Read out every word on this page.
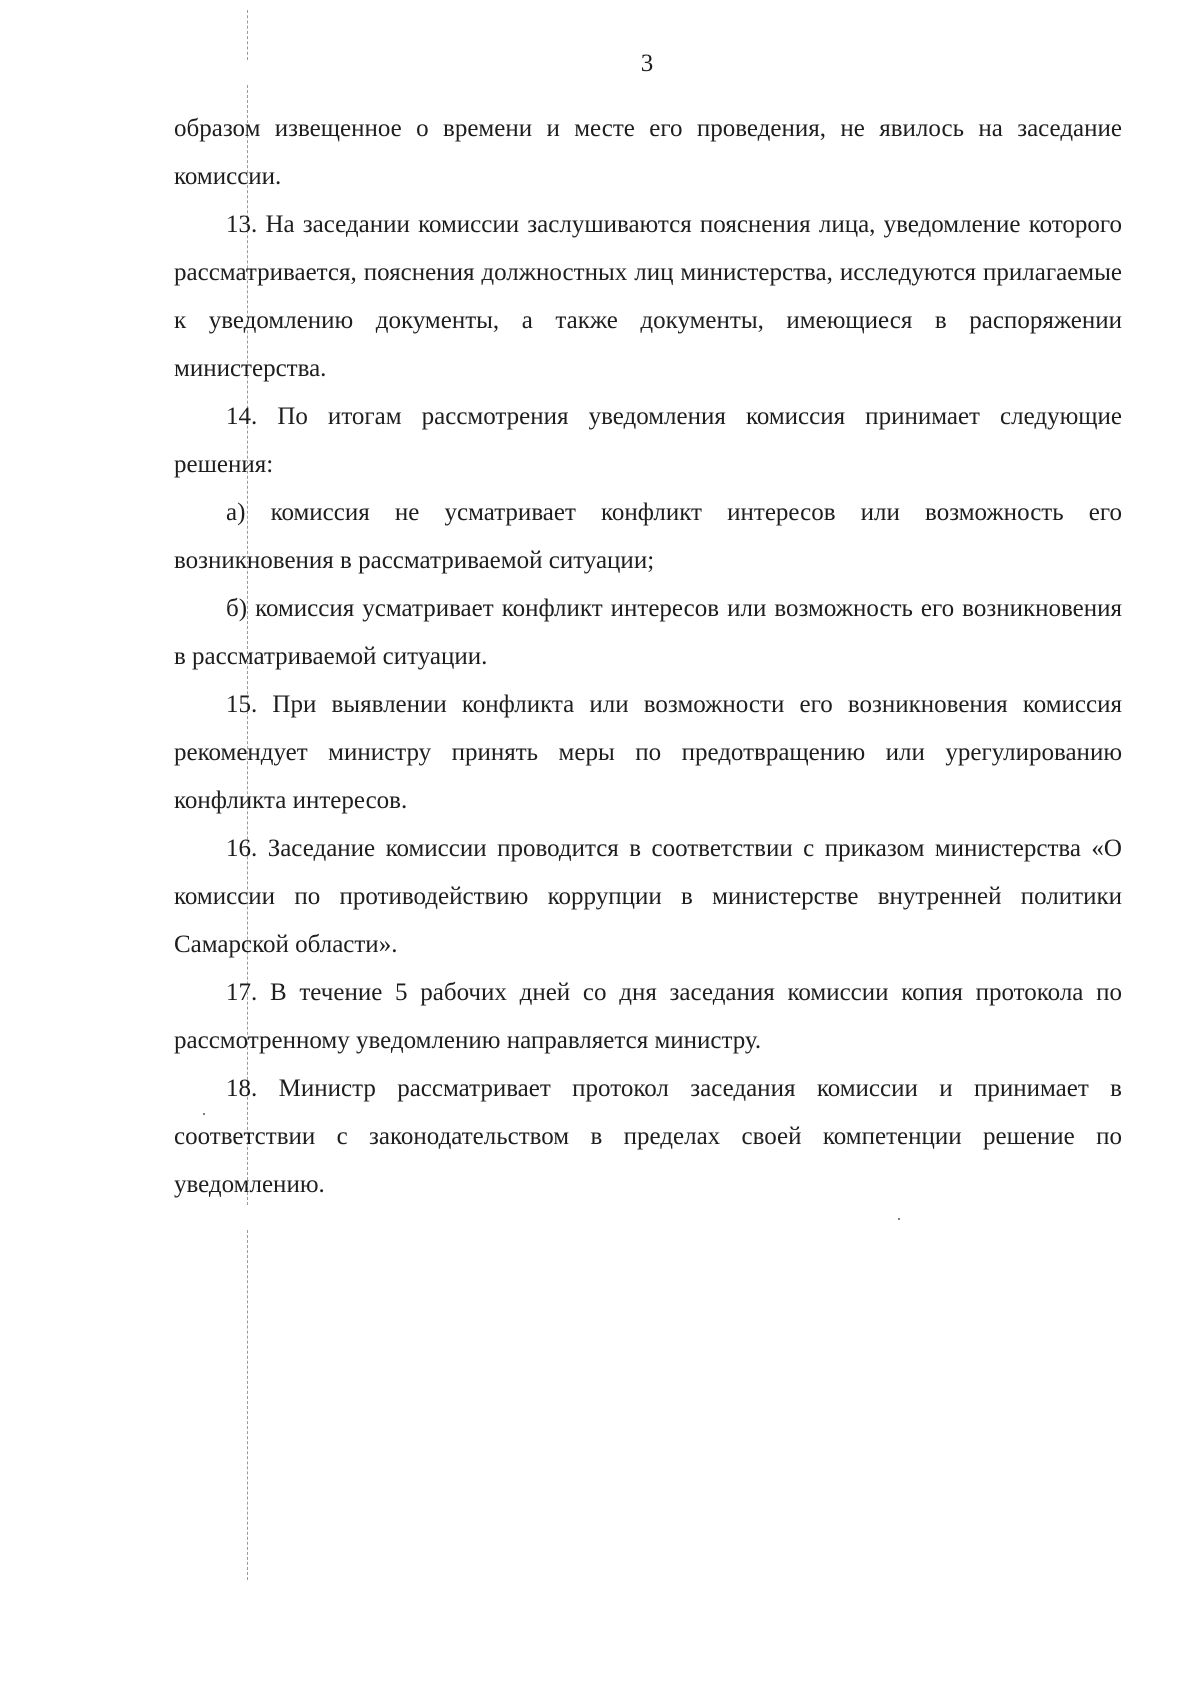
3

образом извещенное о времени и месте его проведения, не явилось на заседание комиссии.

13. На заседании комиссии заслушиваются пояснения лица, уведомление которого рассматривается, пояснения должностных лиц министерства, исследуются прилагаемые к уведомлению документы, а также документы, имеющиеся в распоряжении министерства.

14. По итогам рассмотрения уведомления комиссия принимает следующие решения:

а) комиссия не усматривает конфликт интересов или возможность его возникновения в рассматриваемой ситуации;

б) комиссия усматривает конфликт интересов или возможность его возникновения в рассматриваемой ситуации.

15. При выявлении конфликта или возможности его возникновения комиссия рекомендует министру принять меры по предотвращению или урегулированию конфликта интересов.

16. Заседание комиссии проводится в соответствии с приказом министерства «О комиссии по противодействию коррупции в министерстве внутренней политики Самарской области».

17. В течение 5 рабочих дней со дня заседания комиссии копия протокола по рассмотренному уведомлению направляется министру.

18. Министр рассматривает протокол заседания комиссии и принимает в соответствии с законодательством в пределах своей компетенции решение по уведомлению.
